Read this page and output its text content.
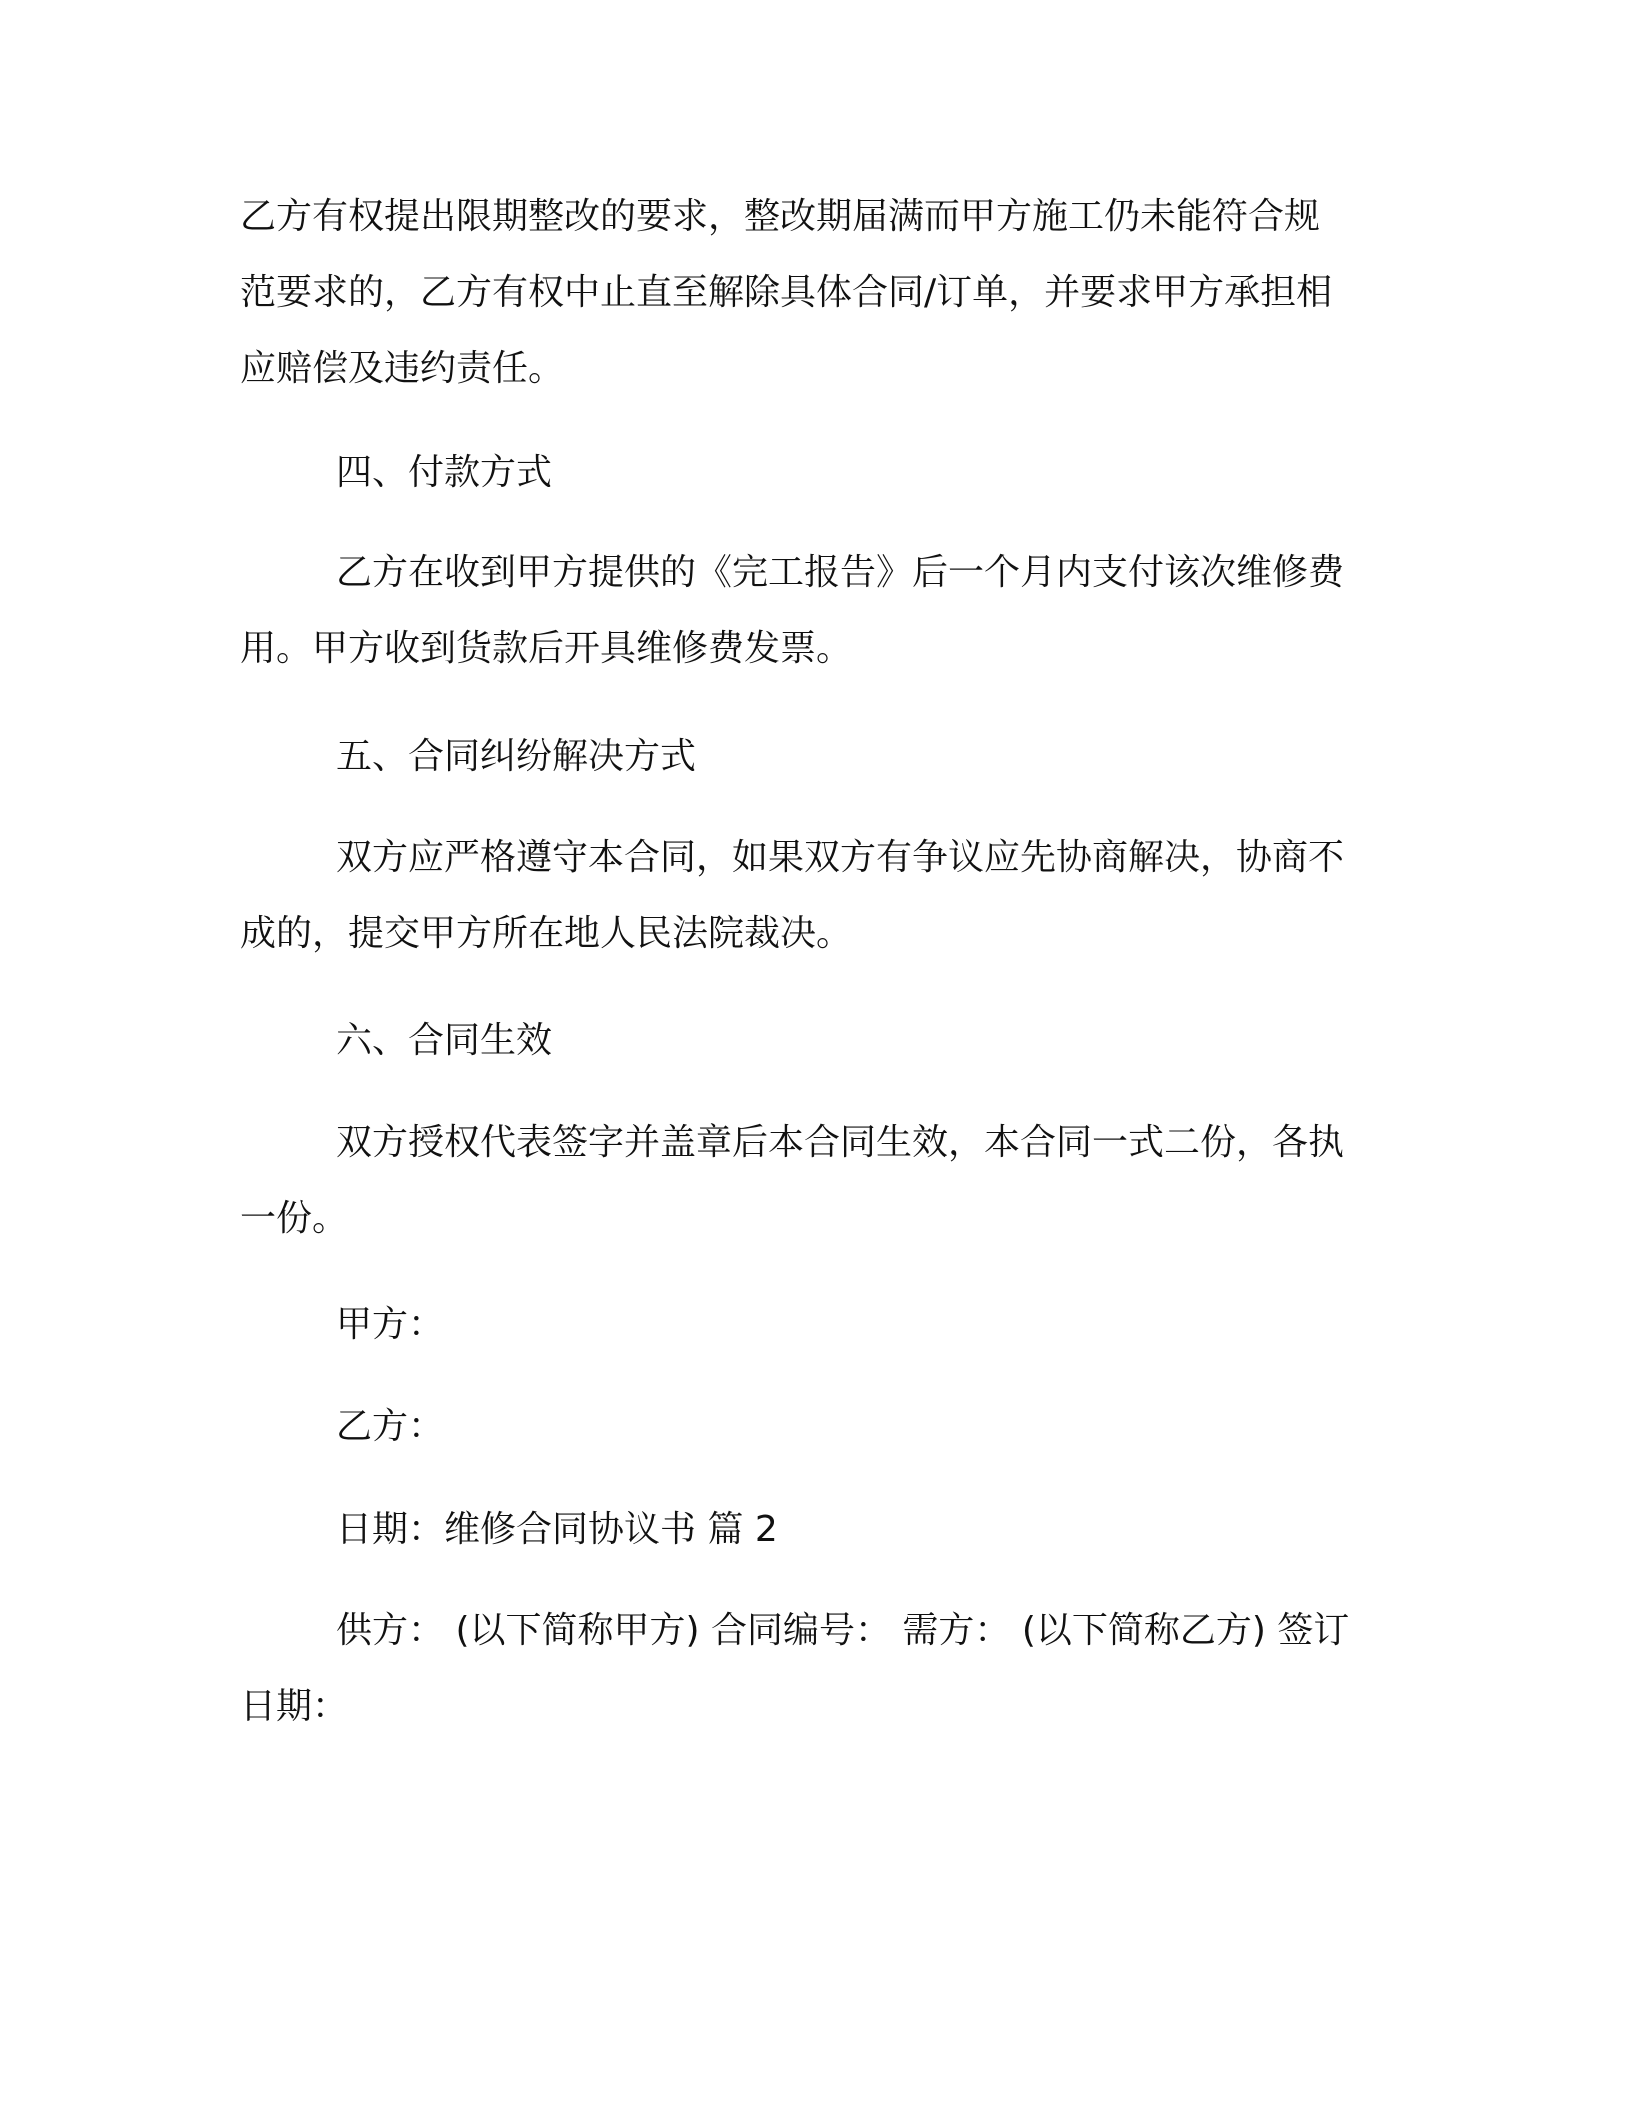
乙方有权提出限期整改的要求，整改期届满而甲方施工仍未能符合规
范要求的，乙方有权中止直至解除具体合同/订单，并要求甲方承担相
应赔偿及违约责任。
四、付款方式
乙方在收到甲方提供的《完工报告》后一个月内支付该次维修费
用。甲方收到货款后开具维修费发票。
五、合同纠纷解决方式
双方应严格遵守本合同，如果双方有争议应先协商解决，协商不
成的，提交甲方所在地人民法院裁决。
六、合同生效
双方授权代表签字并盖章后本合同生效，本合同一式二份，各执
一份。
甲方：
乙方：
日期：维修合同协议书 篇 2
供方： (以下简称甲方) 合同编号： 需方： (以下简称乙方) 签订
日期：
